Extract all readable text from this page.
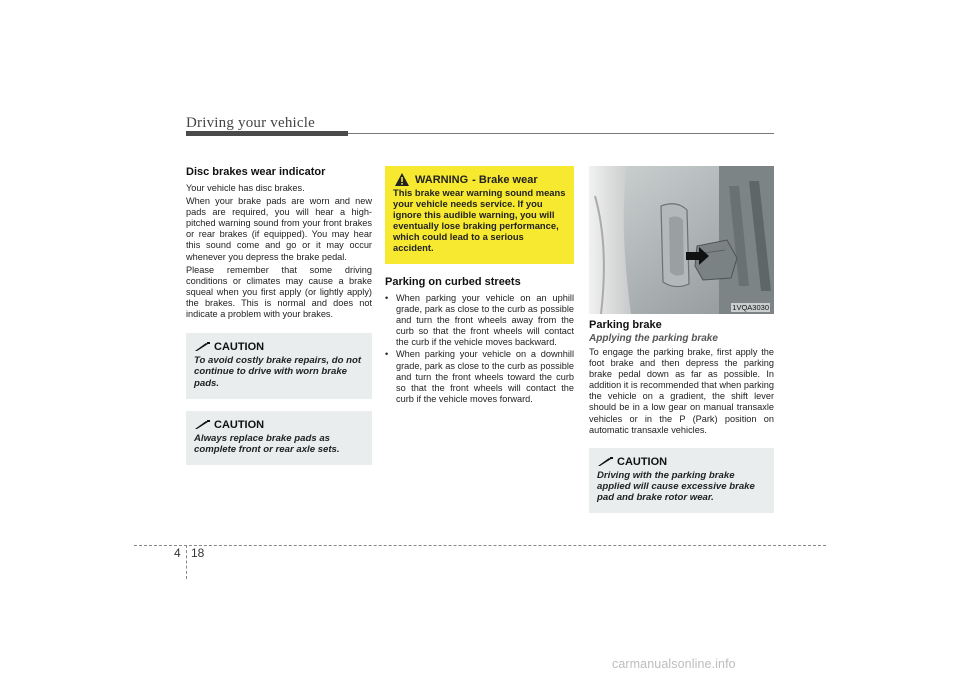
Driving your vehicle
Disc brakes wear indicator

Your vehicle has disc brakes.

When your brake pads are worn and new pads are required, you will hear a high-pitched warning sound from your front brakes or rear brakes (if equipped). You may hear this sound come and go or it may occur whenever you depress the brake pedal.

Please remember that some driving conditions or climates may cause a brake squeal when you first apply (or lightly apply) the brakes. This is normal and does not indicate a problem with your brakes.

CAUTION
To avoid costly brake repairs, do not continue to drive with worn brake pads.
CAUTION
Always replace brake pads as complete front or rear axle sets.
WARNING - Brake wear
This brake wear warning sound means your vehicle needs service. If you ignore this audible warning, you will eventually lose braking performance, which could lead to a serious accident.
Parking on curbed streets
• When parking your vehicle on an uphill grade, park as close to the curb as possible and turn the front wheels away from the curb so that the front wheels will contact the curb if the vehicle moves backward.
• When parking your vehicle on a downhill grade, park as close to the curb as possible and turn the front wheels toward the curb so that the front wheels will contact the curb if the vehicle moves forward.
1VQA3030
Parking brake
Applying the parking brake

To engage the parking brake, first apply the foot brake and then depress the parking brake pedal down as far as possible. In addition it is recommended that when parking the vehicle on a gradient, the shift lever should be in a low gear on manual transaxle vehicles or in the P (Park) position on automatic transaxle vehicles.

CAUTION
Driving with the parking brake applied will cause excessive brake pad and brake rotor wear.
4 18
carmanualsonline.info
